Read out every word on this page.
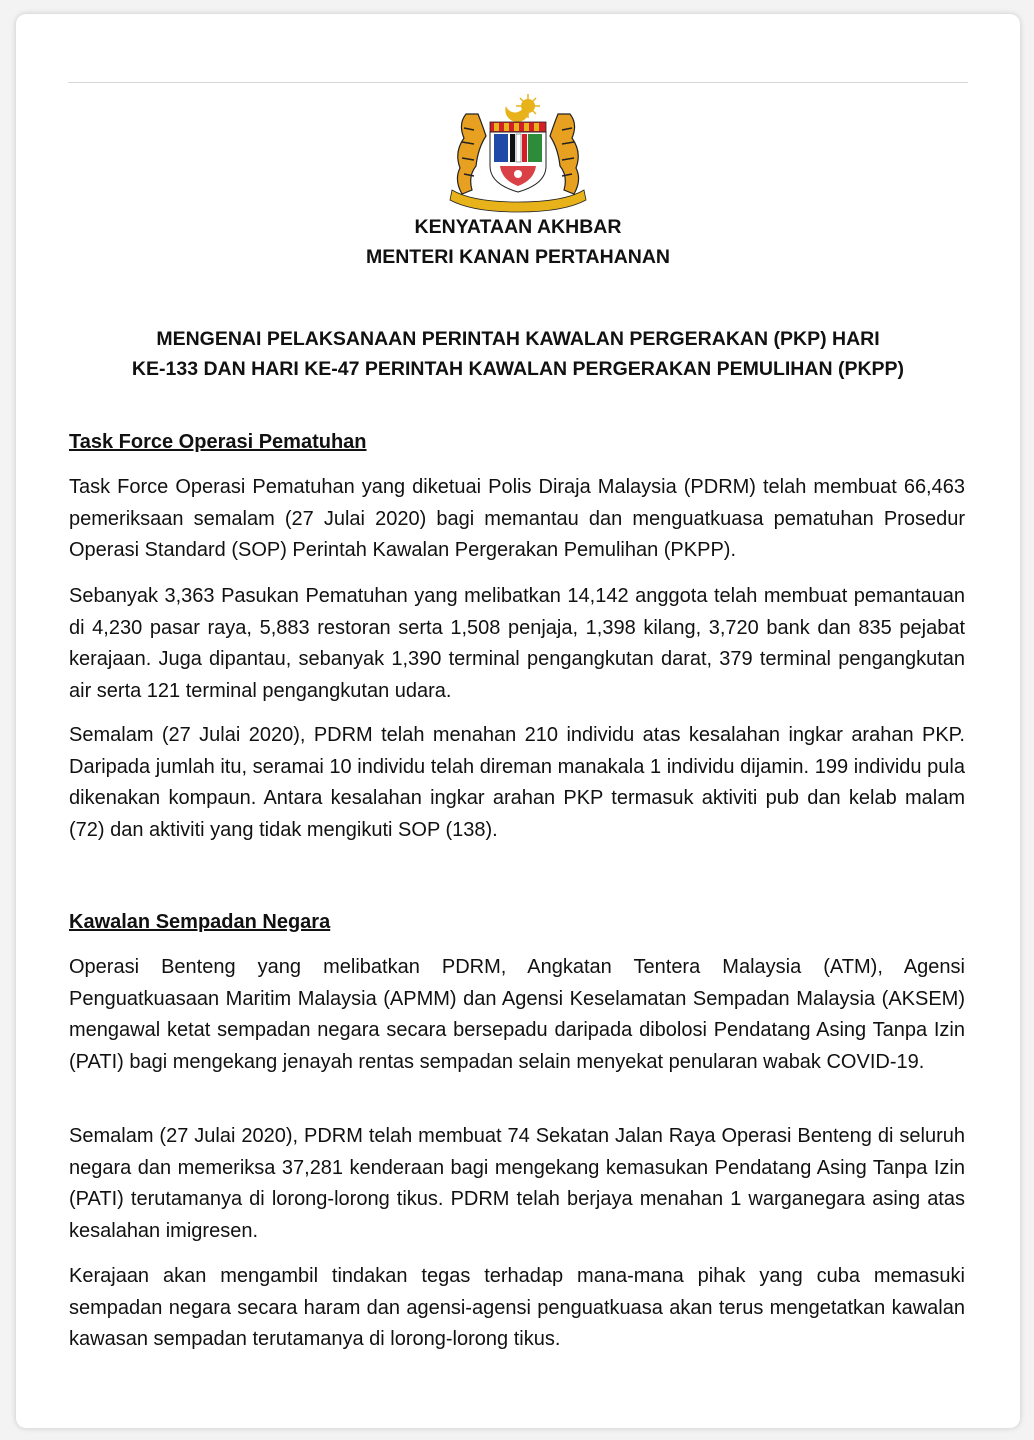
KENYATAAN AKHBAR
MENTERI KANAN PERTAHANAN
MENGENAI PELAKSANAAN PERINTAH KAWALAN PERGERAKAN (PKP) HARI
KE-133 DAN HARI KE-47 PERINTAH KAWALAN PERGERAKAN PEMULIHAN (PKPP)
Task Force Operasi Pematuhan

Task Force Operasi Pematuhan yang diketuai Polis Diraja Malaysia (PDRM) telah membuat 66,463 pemeriksaan semalam (27 Julai 2020) bagi memantau dan menguatkuasa pematuhan Prosedur Operasi Standard (SOP) Perintah Kawalan Pergerakan Pemulihan (PKPP).

Sebanyak 3,363 Pasukan Pematuhan yang melibatkan 14,142 anggota telah membuat pemantauan di 4,230 pasar raya, 5,883 restoran serta 1,508 penjaja, 1,398 kilang, 3,720 bank dan 835 pejabat kerajaan. Juga dipantau, sebanyak 1,390 terminal pengangkutan darat, 379 terminal pengangkutan air serta 121 terminal pengangkutan udara.

Semalam (27 Julai 2020), PDRM telah menahan 210 individu atas kesalahan ingkar arahan PKP. Daripada jumlah itu, seramai 10 individu telah direman manakala 1 individu dijamin. 199 individu pula dikenakan kompaun. Antara kesalahan ingkar arahan PKP termasuk aktiviti pub dan kelab malam (72) dan aktiviti yang tidak mengikuti SOP (138).

Kawalan Sempadan Negara

Operasi Benteng yang melibatkan PDRM, Angkatan Tentera Malaysia (ATM), Agensi Penguatkuasaan Maritim Malaysia (APMM) dan Agensi Keselamatan Sempadan Malaysia (AKSEM) mengawal ketat sempadan negara secara bersepadu daripada dibolosi Pendatang Asing Tanpa Izin (PATI) bagi mengekang jenayah rentas sempadan selain menyekat penularan wabak COVID-19.

Semalam (27 Julai 2020), PDRM telah membuat 74 Sekatan Jalan Raya Operasi Benteng di seluruh negara dan memeriksa 37,281 kenderaan bagi mengekang kemasukan Pendatang Asing Tanpa Izin (PATI) terutamanya di lorong-lorong tikus. PDRM telah berjaya menahan 1 warganegara asing atas kesalahan imigresen.

Kerajaan akan mengambil tindakan tegas terhadap mana-mana pihak yang cuba memasuki sempadan negara secara haram dan agensi-agensi penguatkuasa akan terus mengetatkan kawalan kawasan sempadan terutamanya di lorong-lorong tikus.
